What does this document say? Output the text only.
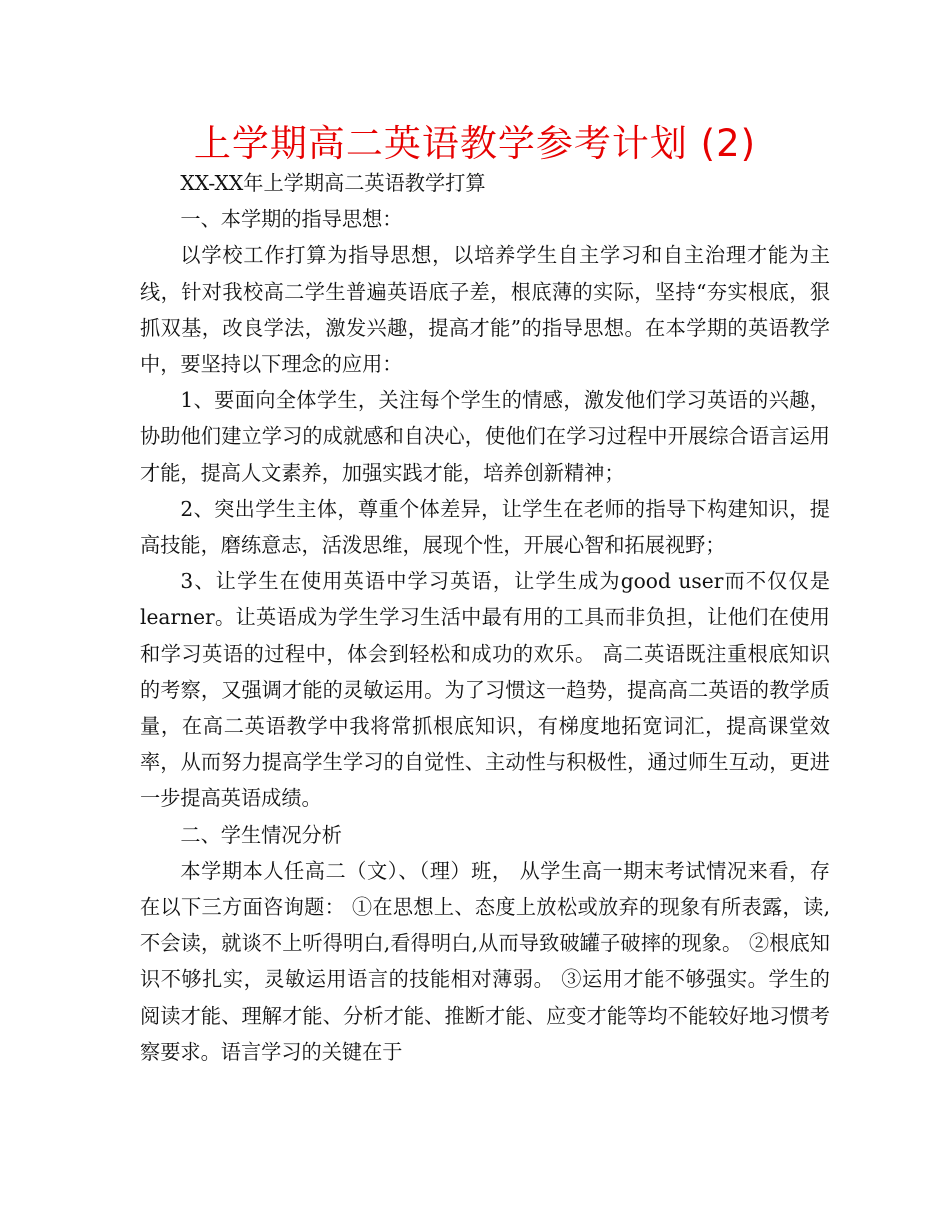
上学期高二英语教学参考计划 (2)

XX-XX年上学期高二英语教学打算

一、本学期的指导思想：

以学校工作打算为指导思想，以培养学生自主学习和自主治理才能为主线，针对我校高二学生普遍英语底子差，根底薄的实际，坚持“夯实根底，狠抓双基，改良学法，激发兴趣，提高才能”的指导思想。在本学期的英语教学中，要坚持以下理念的应用：

1、要面向全体学生，关注每个学生的情感，激发他们学习英语的兴趣，协助他们建立学习的成就感和自决心，使他们在学习过程中开展综合语言运用才能，提高人文素养，加强实践才能，培养创新精神；

2、突出学生主体，尊重个体差异，让学生在老师的指导下构建知识，提高技能，磨练意志，活泼思维，展现个性，开展心智和拓展视野；

3、让学生在使用英语中学习英语，让学生成为good user而不仅仅是learner。让英语成为学生学习生活中最有用的工具而非负担，让他们在使用和学习英语的过程中，体会到轻松和成功的欢乐。 高二英语既注重根底知识的考察，又强调才能的灵敏运用。为了习惯这一趋势，提高高二英语的教学质量，在高二英语教学中我将常抓根底知识，有梯度地拓宽词汇，提高课堂效率，从而努力提高学生学习的自觉性、主动性与积极性，通过师生互动，更进一步提高英语成绩。

二、学生情况分析

本学期本人任高二（文）、（理）班， 从学生高一期末考试情况来看，存在以下三方面咨询题： ①在思想上、态度上放松或放弃的现象有所表露，读,不会读，就谈不上听得明白,看得明白,从而导致破罐子破摔的现象。 ②根底知识不够扎实，灵敏运用语言的技能相对薄弱。 ③运用才能不够强实。学生的阅读才能、理解才能、分析才能、推断才能、应变才能等均不能较好地习惯考察要求。语言学习的关键在于
